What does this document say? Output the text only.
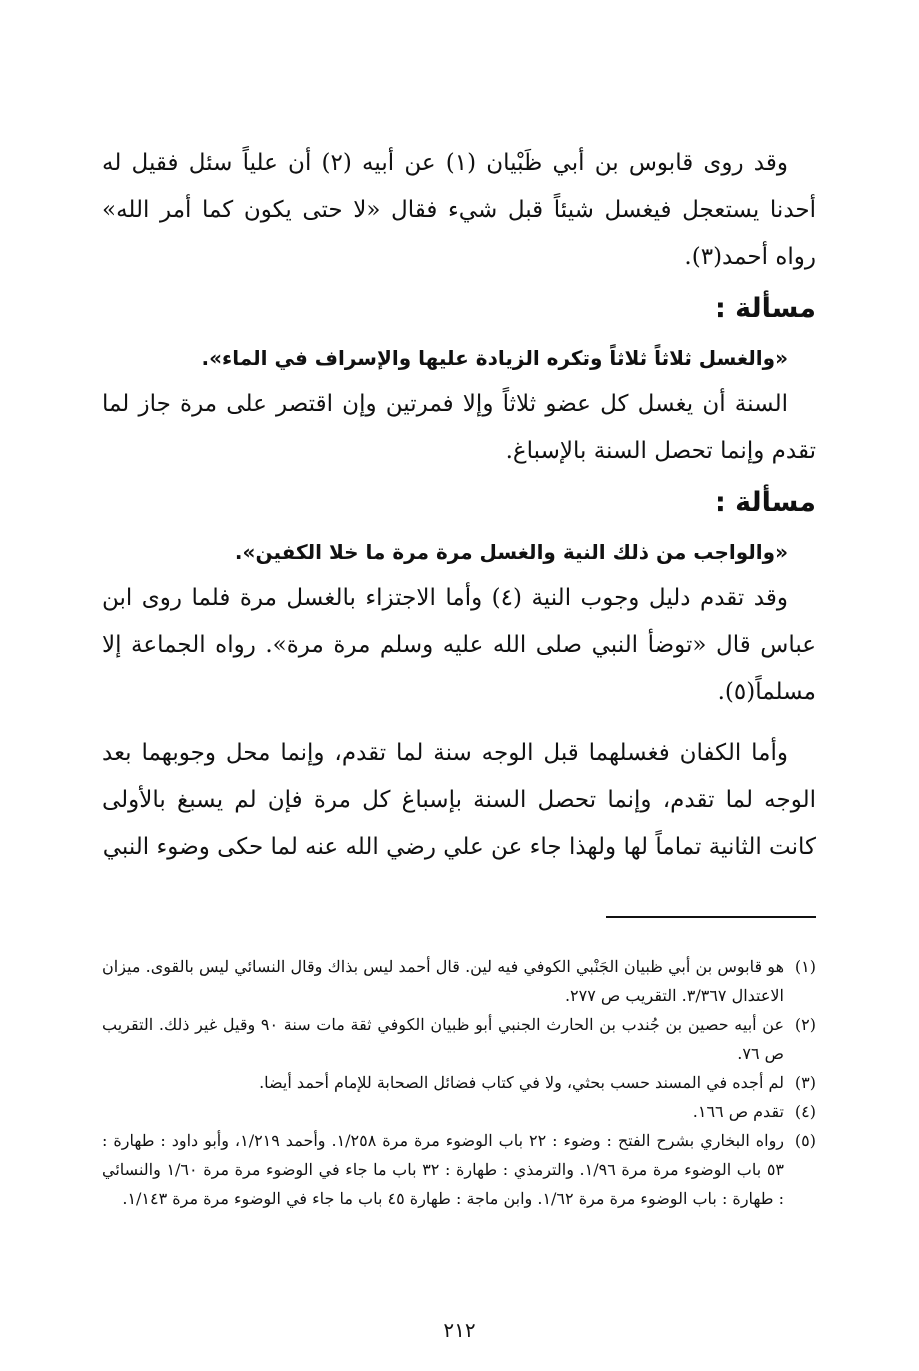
وقد روى قابوس بن أبي ظَبْيان (١) عن أبيه (٢) أن علياً سئل فقيل له أحدنا يستعجل فيغسل شيئاً قبل شيء فقال «لا حتى يكون كما أمر الله» رواه أحمد(٣).

مسألة :

«والغسل ثلاثاً ثلاثاً وتكره الزيادة عليها والإسراف في الماء».

السنة أن يغسل كل عضو ثلاثاً وإلا فمرتين وإن اقتصر على مرة جاز لما تقدم وإنما تحصل السنة بالإسباغ.

مسألة :

«والواجب من ذلك النية والغسل مرة مرة ما خلا الكفين».

وقد تقدم دليل وجوب النية (٤) وأما الاجتزاء بالغسل مرة فلما روى ابن عباس قال «توضأ النبي صلى الله عليه وسلم مرة مرة». رواه الجماعة إلا مسلماً(٥).

وأما الكفان فغسلهما قبل الوجه سنة لما تقدم، وإنما محل وجوبهما بعد الوجه لما تقدم، وإنما تحصل السنة بإسباغ كل مرة فإن لم يسبغ بالأولى كانت الثانية تماماً لها ولهذا جاء عن علي رضي الله عنه لما حكى وضوء النبي

(١)
هو قابوس بن أبي ظبيان الجَنْبي الكوفي فيه لين. قال أحمد ليس بذاك وقال النسائي ليس بالقوى. ميزان الاعتدال ٣/٣٦٧. التقريب ص ٢٧٧.
(٢)
عن أبيه حصين بن جُندب بن الحارث الجنبي أبو ظبيان الكوفي ثقة مات سنة ٩٠ وقيل غير ذلك. التقريب ص ٧٦.
(٣)
لم أجده في المسند حسب بحثي، ولا في كتاب فضائل الصحابة للإمام أحمد أيضا.
(٤)
تقدم ص ١٦٦.
(٥)
رواه البخاري بشرح الفتح : وضوء : ٢٢ باب الوضوء مرة مرة ١/٢٥٨. وأحمد ١/٢١٩، وأبو داود : طهارة : ٥٣ باب الوضوء مرة مرة ١/٩٦. والترمذي : طهارة : ٣٢ باب ما جاء في الوضوء مرة مرة ١/٦٠ والنسائي : طهارة : باب الوضوء مرة مرة ١/٦٢. وابن ماجة : طهارة ٤٥ باب ما جاء في الوضوء مرة مرة ١/١٤٣.
٢١٢
